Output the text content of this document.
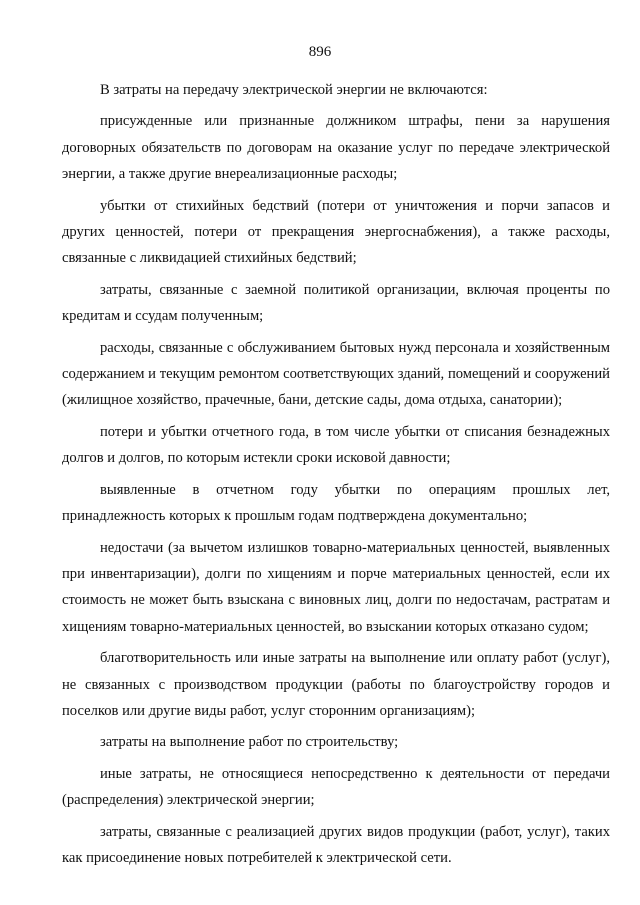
896

В затраты на передачу электрической энергии не включаются:

присужденные или признанные должником штрафы, пени за нарушения договорных обязательств по договорам на оказание услуг по передаче электрической энергии, а также другие внереализационные расходы;

убытки от стихийных бедствий (потери от уничтожения и порчи запасов и других ценностей, потери от прекращения энергоснабжения), а также расходы, связанные с ликвидацией стихийных бедствий;

затраты, связанные с заемной политикой организации, включая проценты по кредитам и ссудам полученным;

расходы, связанные с обслуживанием бытовых нужд персонала и хозяйственным содержанием и текущим ремонтом соответствующих зданий, помещений и сооружений (жилищное хозяйство, прачечные, бани, детские сады, дома отдыха, санатории);

потери и убытки отчетного года, в том числе убытки от списания безнадежных долгов и долгов, по которым истекли сроки исковой давности;

выявленные в отчетном году убытки по операциям прошлых лет, принадлежность которых к прошлым годам подтверждена документально;

недостачи (за вычетом излишков товарно-материальных ценностей, выявленных при инвентаризации), долги по хищениям и порче материальных ценностей, если их стоимость не может быть взыскана с виновных лиц, долги по недостачам, растратам и хищениям товарно-материальных ценностей, во взыскании которых отказано судом;

благотворительность или иные затраты на выполнение или оплату работ (услуг), не связанных с производством продукции (работы по благоустройству городов и поселков или другие виды работ, услуг сторонним организациям);

затраты на выполнение работ по строительству;

иные затраты, не относящиеся непосредственно к деятельности от передачи (распределения) электрической энергии;

затраты, связанные с реализацией других видов продукции (работ, услуг), таких как присоединение новых потребителей к электрической сети.
